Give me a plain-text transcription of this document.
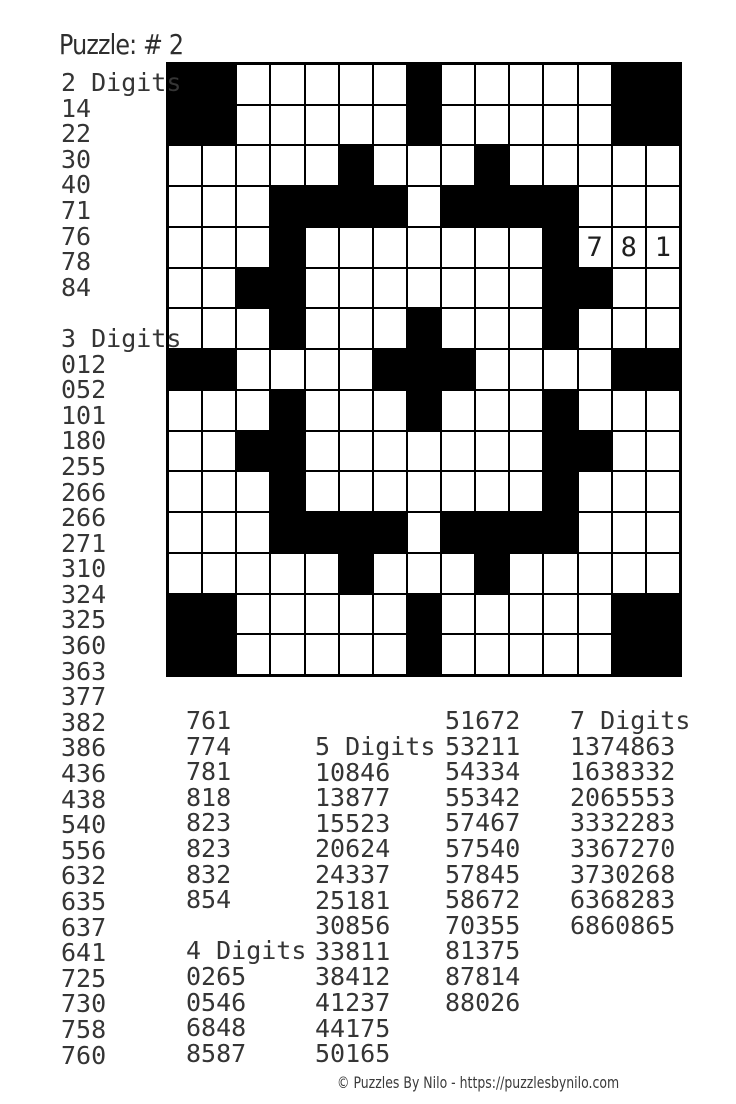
Puzzle: # 2
7 8 1
2 Digits
14
22
30
40
71
76
78
84
3 Digits
012
052
101
180
255
266
266
271
310
324
325
360
363
377
382
386
436
438
540
556
632
635
637
641
725
730
758
760
761
774
781
818
823
823
832
854
4 Digits
0265
0546
6848
8587
5 Digits
10846
13877
15523
20624
24337
25181
30856
33811
38412
41237
44175
50165
51672
53211
54334
55342
57467
57540
57845
58672
70355
81375
87814
88026
7 Digits
1374863
1638332
2065553
3332283
3367270
3730268
6368283
6860865
© Puzzles By Nilo - https://puzzlesbynilo.com
